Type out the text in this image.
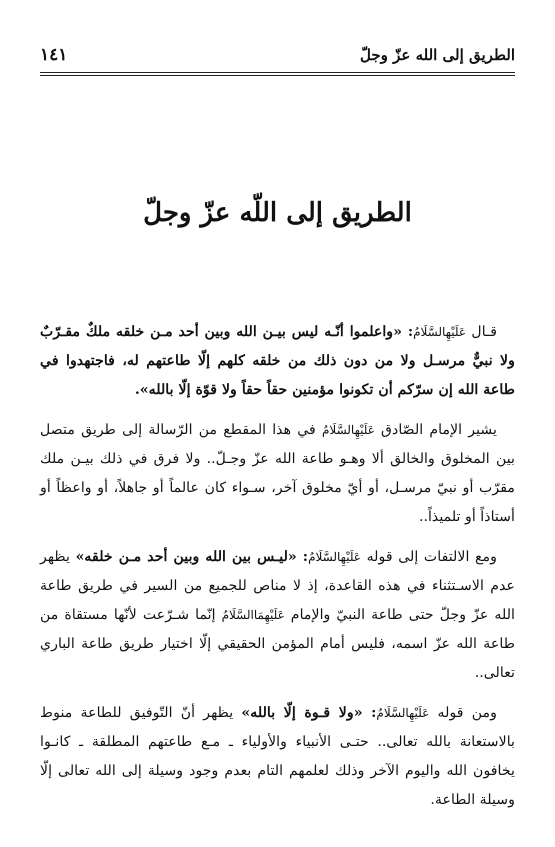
الطريق إلى الله عزّ وجلّ
١٤١
الطريق إلى اللّه عزّ وجلّ

قـال عَلَيْهِالسَّلَامُ: «واعلموا أنّـه ليس بيـن الله وبين أحد مـن خلقه ملكٌ مقـرّبٌ ولا نبيٌّ مرسـل ولا من دون ذلك من خلقه كلهم إلّا طاعتهم له، فاجتهدوا في طاعة الله إن سرّكم أن تكونوا مؤمنين حقاً حقاً ولا قوّة إلّا بالله».

يشير الإمام الصّادق عَلَيْهِالسَّلَامُ في هذا المقطع من الرّسالة إلى طريق متصل بين المخلوق والخالق ألا وهـو طاعة الله عزّ وجـلّ.. ولا فرق في ذلك بيـن ملك مقرّب أو نبيّ مرسـل، أو أيّ مخلوق آخر، سـواء كان عالماً أو جاهلاً، أو واعظاً أو أستاذاً أو تلميذاً..

ومع الالتفات إلى قوله عَلَيْهِالسَّلَامُ: «ليـس بين الله وبين أحد مـن خلقه» يظهر عدم الاسـتثناء في هذه القاعدة، إذ لا مناص للجميع من السير في طريق طاعة الله عزّ وجلّ حتى طاعة النبيّ والإمام عَلَيْهِمَاالسَّلَامُ إنّما شـرّعت لأنّها مستقاة من طاعة الله عزّ اسمه، فليس أمام المؤمن الحقيقي إلّا اختيار طريق طاعة الباري تعالى..

ومن قوله عَلَيْهِالسَّلَامُ: «ولا قـوة إلّا بالله» يظهر أنّ التّوفيق للطاعة منوط بالاستعانة بالله تعالى.. حتـى الأنبياء والأولياء ـ مـع طاعتهم المطلقة ـ كانـوا يخافون الله واليوم الآخر وذلك لعلمهم التام بعدم وجود وسيلة إلى الله تعالى إلّا وسيلة الطاعة.
